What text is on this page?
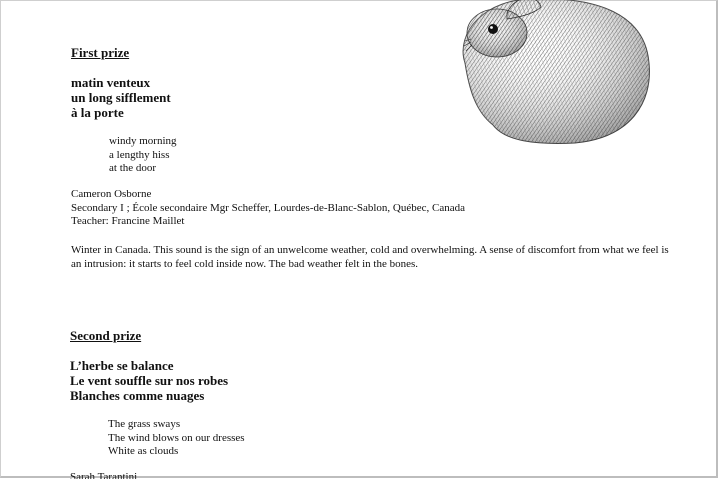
First prize
matin venteux
un long sifflement
à la porte
windy morning
a lengthy hiss
at the door
Cameron Osborne
Secondary I ; École secondaire Mgr Scheffer, Lourdes-de-Blanc-Sablon, Québec, Canada
Teacher: Francine Maillet
Winter in Canada. This sound is the sign of an unwelcome weather, cold and overwhelming. A sense of discomfort from what we feel is an intrusion: it starts to feel cold inside now. The bad weather felt in the bones.
Second prize
L’herbe se balance
Le vent souffle sur nos robes
Blanches comme nuages
The grass sways
The wind blows on our dresses
White as clouds
Sarah Tarantini
